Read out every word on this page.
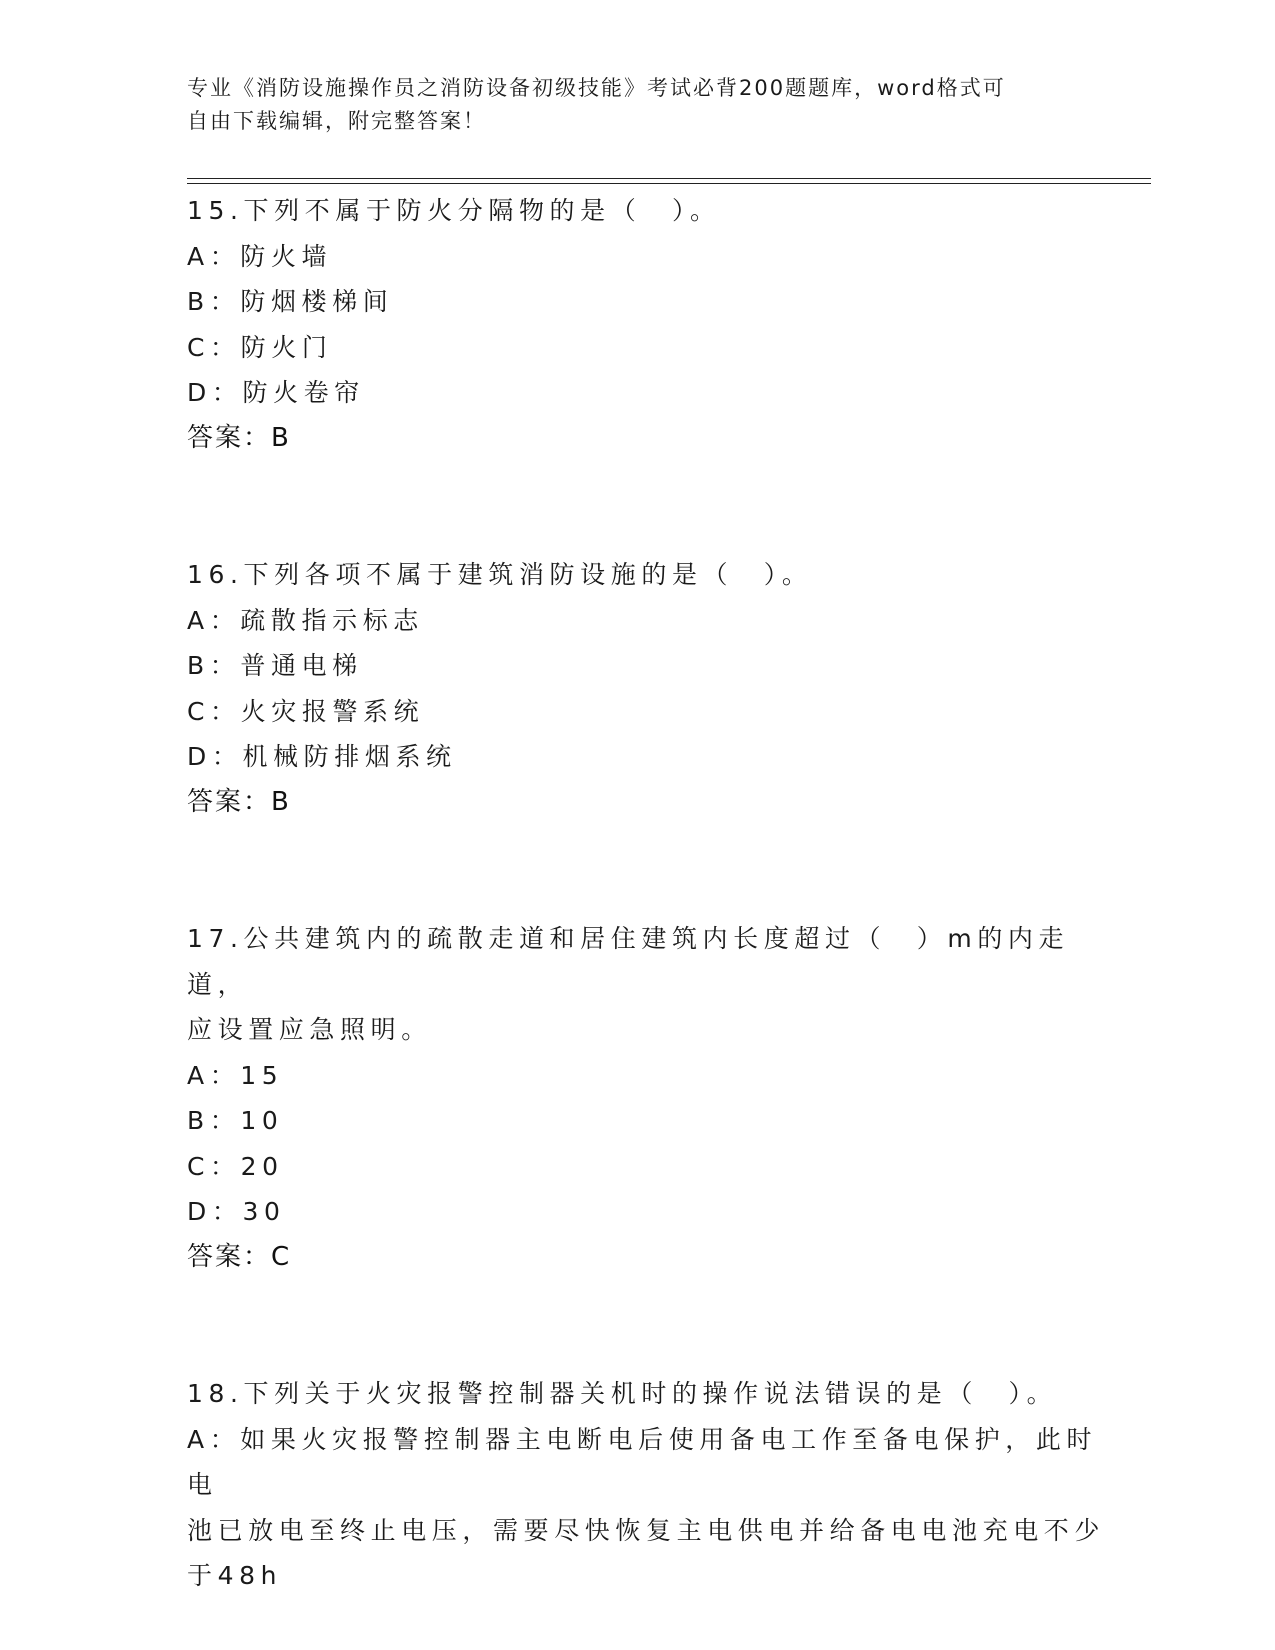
专业《消防设施操作员之消防设备初级技能》考试必背200题题库，word格式可
自由下载编辑，附完整答案！
15.下列不属于防火分隔物的是（　）。
A：防火墙
B：防烟楼梯间
C：防火门
D：防火卷帘
答案：B
16.下列各项不属于建筑消防设施的是（　）。
A：疏散指示标志
B：普通电梯
C：火灾报警系统
D：机械防排烟系统
答案：B
17.公共建筑内的疏散走道和居住建筑内长度超过（　）m的内走道，
应设置应急照明。
A：15
B：10
C：20
D：30
答案：C
18.下列关于火灾报警控制器关机时的操作说法错误的是（　）。
A：如果火灾报警控制器主电断电后使用备电工作至备电保护，此时电
池已放电至终止电压，需要尽快恢复主电供电并给备电电池充电不少
于48h
